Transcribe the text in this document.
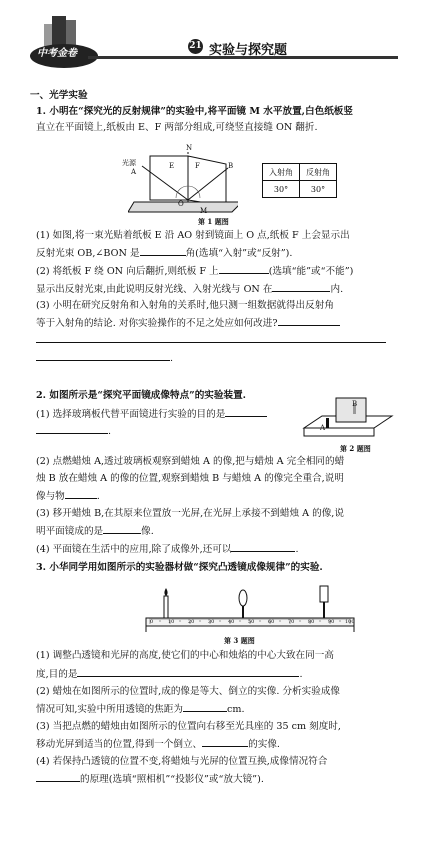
中考金卷
21 实验与探究题
一、光学实验
1. 小明在“探究光的反射规律”的实验中,将平面镜 M 水平放置,白色纸板竖
直立在平面镜上,纸板由 E、F 两部分组成,可绕竖直接缝 ON 翻折.
N
光源
A
E	F	B
O
M
入射角	反射角
30°	30°
第 1 题图
(1) 如图,将一束光贴着纸板 E 沿 AO 射到镜面上 O 点,纸板 F 上会显示出
反射光束 OB,∠BON 是	角(选填“入射”或“反射”).
(2) 将纸板 F 绕 ON 向后翻折,则纸板 F 上	(选填“能”或“不能”)
显示出反射光束,由此说明反射光线、入射光线与 ON 在	内.
(3) 小明在研究反射角和入射角的关系时,他只测一组数据就得出反射角
等于入射角的结论. 对你实验操作的不足之处应如何改进?
.
2. 如图所示是“探究平面镜成像特点”的实验装置.
(1) 选择玻璃板代替平面镜进行实验的目的是
.
B
A
第 2 题图
(2) 点燃蜡烛 A,透过玻璃板观察到蜡烛 A 的像,把与蜡烛 A 完全相同的蜡
烛 B 放在蜡烛 A 的像的位置,观察到蜡烛 B 与蜡烛 A 的像完全重合,说明
像与物	.
(3) 移开蜡烛 B,在其原来位置放一光屏,在光屏上承接不到蜡烛 A 的像,说
明平面镜成的是	像.
(4) 平面镜在生活中的应用,除了成像外,还可以	.
3. 小华同学用如图所示的实验器材做“探究凸透镜成像规律”的实验.
0	10	20	30	40	50	60	70	80	90 100
第 3 题图
(1) 调整凸透镜和光屏的高度,使它们的中心和烛焰的中心大致在同一高
度,目的是	.
(2) 蜡烛在如图所示的位置时,成的像是等大、倒立的实像. 分析实验成像
情况可知,实验中所用透镜的焦距为	cm.
(3) 当把点燃的蜡烛由如图所示的位置向右移至光具座的 35 cm 刻度时,
移动光屏到适当的位置,得到一个倒立、	的实像.
(4) 若保持凸透镜的位置不变,将蜡烛与光屏的位置互换,成像情况符合
的原理(选填“照相机”“投影仪”或“放大镜”).
